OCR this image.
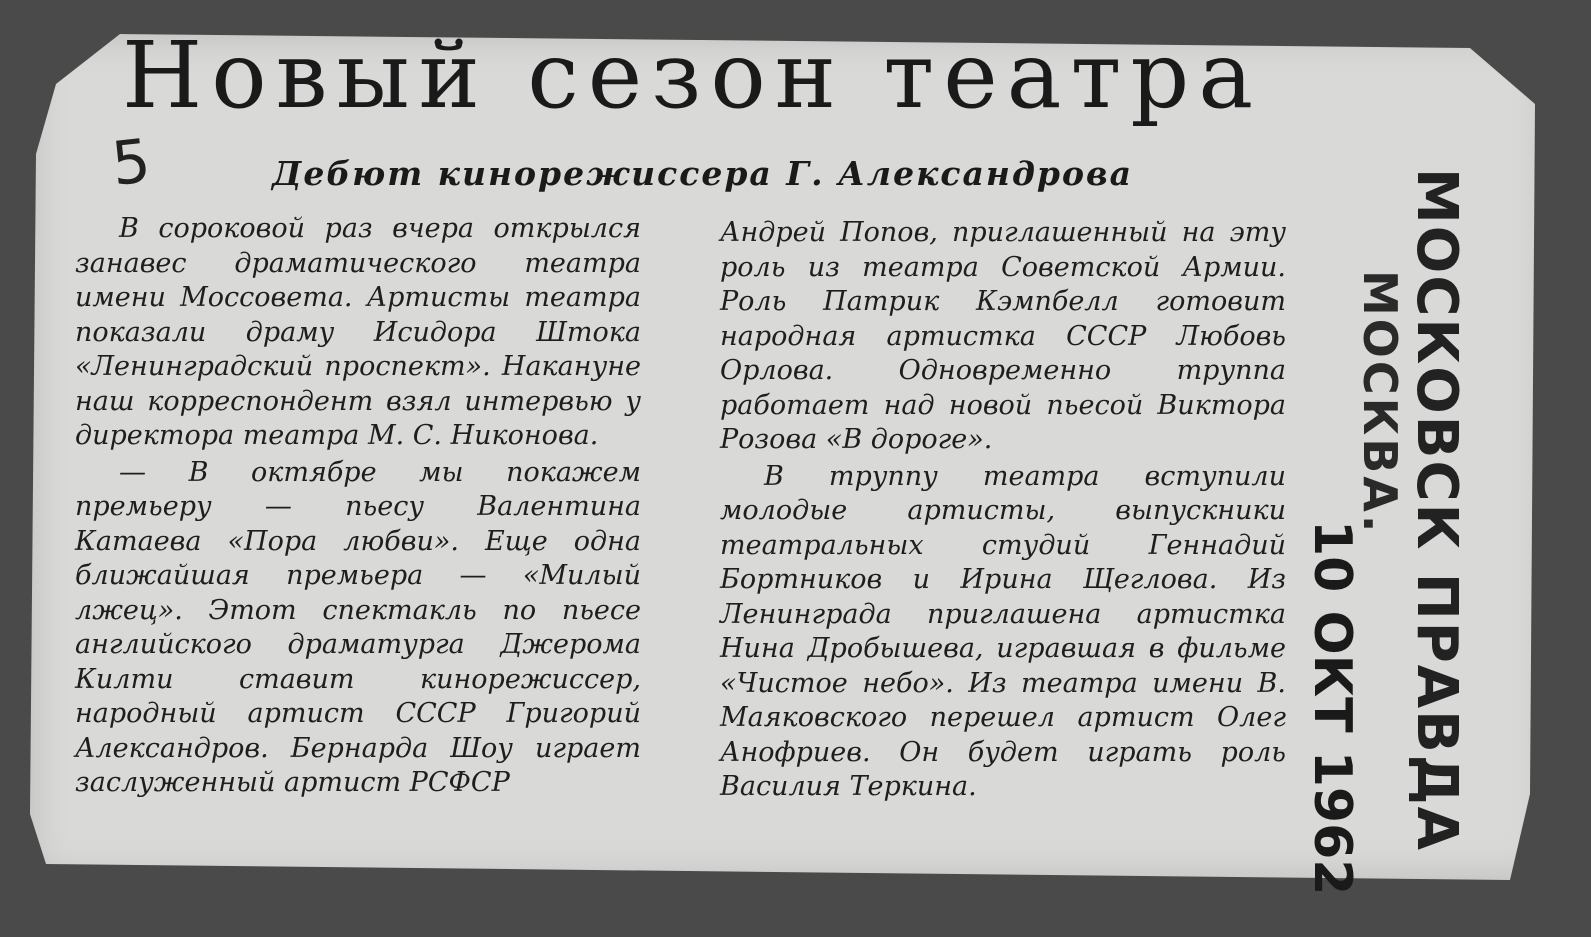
5
Новый сезон театра
Дебют кинорежиссера Г. Александрова

В сороковой раз вчера открылся занавес драматического театра имени Моссовета. Артисты театра показали драму Исидора Штока «Ленинградский проспект». Накануне наш корреспондент взял интервью у директора театра М. С. Никонова.

— В октябре мы покажем премьеру — пьесу Валентина Катаева «Пора любви». Еще одна ближайшая премьера — «Милый лжец». Этот спектакль по пьесе английского драматурга Джерома Килти ставит кинорежиссер, народный артист СССР Григорий Александров. Бернарда Шоу играет заслуженный артист РСФСР

Андрей Попов, приглашенный на эту роль из театра Советской Армии. Роль Патрик Кэмпбелл готовит народная артистка СССР Любовь Орлова. Одновременно труппа работает над новой пьесой Виктора Розова «В дороге».

В труппу театра вступили молодые артисты, выпускники театральных студий Геннадий Бортников и Ирина Щеглова. Из Ленинграда приглашена артистка Нина Дробышева, игравшая в фильме «Чистое небо». Из театра имени В. Маяковского перешел артист Олег Анофриев. Он будет играть роль Василия Теркина.	МОСКОВСК ПРАВДА
МОСКВА.
10 ОКТ 1962
